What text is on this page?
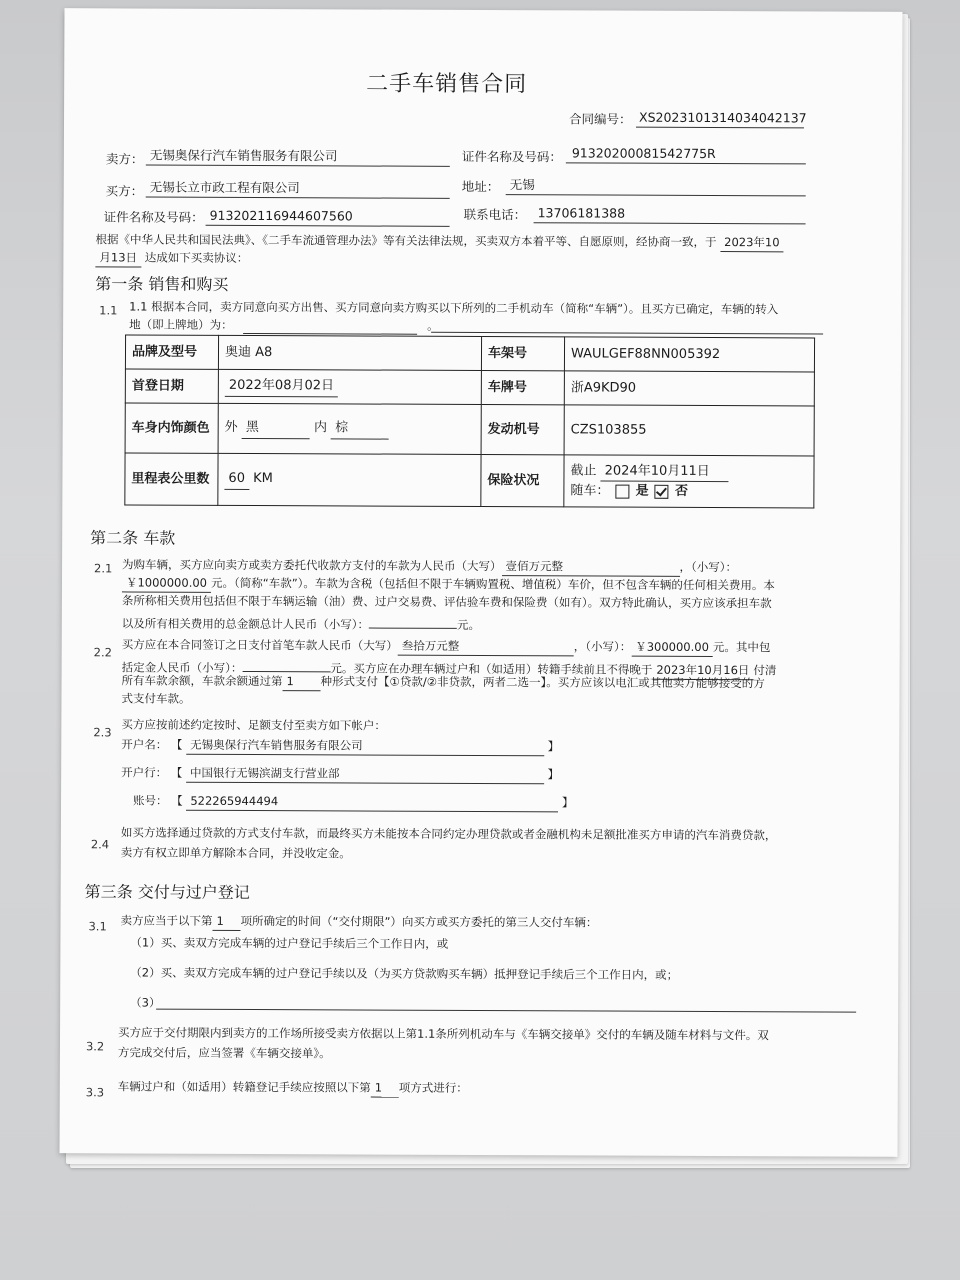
二手车销售合同
合同编号： XS2023101314034042137
卖方： 无锡奥保行汽车销售服务有限公司	证件名称及号码： 91320200081542775R
买方： 无锡长立市政工程有限公司	地址： 无锡
证件名称及号码： 913202116944607560	联系电话： 13706181388
根据《中华人民共和国民法典》、《二手车流通管理办法》等有关法律法规，买卖双方本着平等、自愿原则，经协商一致，于 2023年10
月13日 达成如下买卖协议：
第一条 销售和购买
1.1 1.1 根据本合同，卖方同意向买方出售、买方同意向卖方购买以下所列的二手机动车（简称“车辆”）。且买方已确定，车辆的转入
地（即上牌地）为：	。
品牌及型号	奥迪 A8	车架号	WAULGEF88NN005392
首登日期	2022年08月02日	车牌号	浙A9KD90
车身内饰颜色	外 黑 内 棕	发动机号	CZS103855
里程表公里数	60 KM	保险状况	截止 2024年10月11日
随车： 是 否
第二条 车款
2.1 为购车辆，买方应向卖方或卖方委托代收款方支付的车款为人民币（大写） 壹佰万元整	，（小写）：
￥1000000.00 元。（简称“车款”）。车款为含税（包括但不限于车辆购置税、增值税）车价，但不包含车辆的任何相关费用。本
条所称相关费用包括但不限于车辆运输（油）费、过户交易费、评估验车费和保险费（如有）。双方特此确认，买方应该承担车款
以及所有相关费用的总金额总计人民币（小写）：	元。
2.2 买方应在本合同签订之日支付首笔车款人民币（大写） 叁拾万元整	，（小写）： ￥300000.00 元。其中包
括定金人民币（小写）：	元。买方应在办理车辆过户和（如适用）转籍手续前且不得晚于 2023年10月16日 付清
所有车款余额，车款余额通过第 1 种形式支付【①贷款/②非贷款，两者二选一】。买方应该以电汇或其他卖方能够接受的方
式支付车款。
2.3 买方应按前述约定按时、足额支付至卖方如下帐户：
开户名： 【 无锡奥保行汽车销售服务有限公司	】
开户行： 【 中国银行无锡滨湖支行营业部	】
账号： 【 522265944494	】
2.4
如买方选择通过贷款的方式支付车款，而最终买方未能按本合同约定办理贷款或者金融机构未足额批准买方申请的汽车消费贷款，
卖方有权立即单方解除本合同，并没收定金。
第三条 交付与过户登记
3.1 卖方应当于以下第 1 项所确定的时间（“交付期限”）向买方或买方委托的第三人交付车辆：
（1）买、卖双方完成车辆的过户登记手续后三个工作日内，或
（2）买、卖双方完成车辆的过户登记手续以及（为买方贷款购买车辆）抵押登记手续后三个工作日内，或；
（3）
3.2
买方应于交付期限内到卖方的工作场所接受卖方依据以上第1.1条所列机动车与《车辆交接单》交付的车辆及随车材料与文件。双
方完成交付后，应当签署《车辆交接单》。
3.3 车辆过户和（如适用）转籍登记手续应按照以下第 1 项方式进行：
